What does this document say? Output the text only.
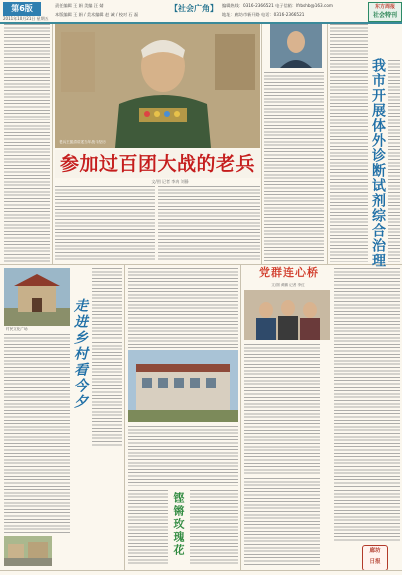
第6版
2011年10月21日 星期五
责任编辑 王 娟 美编 汪 婧
本版编辑 王 娟 / 美术编辑 赵 诚 / 校对 石 磊
【社会广角】 编辑热线：0316-2366521 电子信箱：lfrbshb@163.com
地址：廊坊市新开路 电话：0316-2366521
东方周报
社会特刊
老兵王振清讲述当年战斗经历
参加过百团大战的老兵
文/图 记者 李冉 刘静	我市开展体外诊断试剂综合治理
村民文化广场	走进乡村看今夕
铿锵玫瑰花
党群连心桥
文/图 黄鹏 记者 李红
廊坊
日报
